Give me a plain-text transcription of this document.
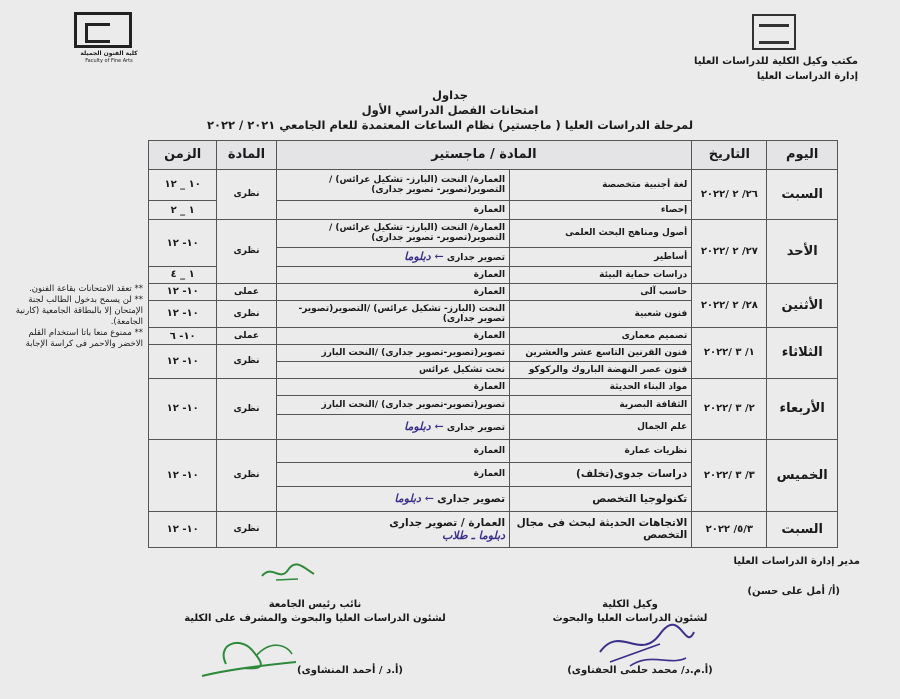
كلية الفنون الجميلة
Faculty of Fine Arts	مكتب وكيل الكلية للدراسات العليا
إدارة الدراسات العليا
جداول
امتحانات الفصل الدراسي الأول
لمرحلة الدراسات العليا ( ماجستير) نظام الساعات المعتمدة للعام الجامعي ٢٠٢١ / ٢٠٢٢
** تعقد الامتحانات بقاعة الفنون.
** لن يسمح بدخول الطالب لجنة الإمتحان إلا بالبطاقة الجامعية (كارنية الجامعة).
** ممنوع منعا باتا استخدام القلم الاخضر والاحمر فى كراسة الإجابة
اليوم	التاريخ	المادة / ماجستير		المادة	الزمن
السبت	٢٦/ ٢ /٢٠٢٢	لغة أجنبية متخصصة	العمارة/ النحت (البارز- تشكيل عرائس) /التصوير(تصوير- تصوير جدارى)	نظرى	١٠ _ ١٢
		إحصاء	العمارة		١ _ ٢
الأحد	٢٧/ ٢ /٢٠٢٢	أصول ومناهج البحث العلمى	العمارة/ النحت (البارز- تشكيل عرائس) /التصوير(تصوير- تصوير جدارى)	نظرى	١٠- ١٢
		أساطير	تصوير جدارى ← دبلوما		
		دراسات حماية البيئة	العمارة		١ _ ٤
الأثنين	٢٨/ ٢ /٢٠٢٢	حاسب آلى	العمارة	عملى	١٠- ١٢
		فنون شعبية	النحت (البارز- تشكيل عرائس) /التصوير(تصوير- تصوير جدارى)	نظرى	١٠- ١٢
الثلاثاء	١/ ٣ /٢٠٢٢	تصميم معمارى	العمارة	عملى	١٠- ٦
		فنون القرنين التاسع عشر والعشرين	تصوير(تصوير-تصوير جدارى) /النحت البارز	نظرى	١٠- ١٢
		فنون عصر النهضة الباروك والركوكو	نحت تشكيل عرائس		
الأربعاء	٢/ ٣ /٢٠٢٢	مواد البناء الحديثة	العمارة	نظرى	١٠- ١٢
		الثقافة البصرية	تصوير(تصوير-تصوير جدارى) /النحت البارز		
		علم الجمال	تصوير جدارى ← دبلوما		
الخميس	٣/ ٣ /٢٠٢٢	نظريات عمارة	العمارة	نظرى	١٠- ١٢
		دراسات جدوى(تخلف)	العمارة		
		تكنولوجيا التخصص	تصوير جدارى ← دبلوما		
السبت	٥/٣/ ٢٠٢٢	الاتجاهات الحديثة لبحث فى مجال التخصص	العمارة / تصوير جدارى
دبلوما ـ طلاب	نظرى	١٠- ١٢
مدير إدارة الدراسات العليا
(أ/ أمل على حسن)
وكيل الكلية
لشئون الدراسات العليا والبحوث
(أ.م.د/ محمد حلمى الحفناوى)
نائب رئيس الجامعة
لشئون الدراسات العليا والبحوث والمشرف على الكلية
(أ.د / أحمد المنشاوى)
